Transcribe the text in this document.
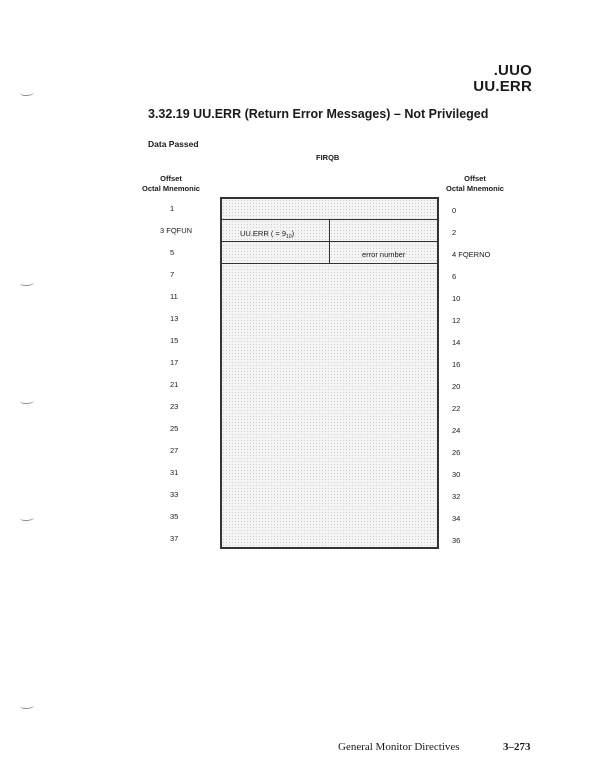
.UUO
UU.ERR
3.32.19 UU.ERR (Return Error Messages) – Not Privileged
Data Passed
FIRQB
Offset
Octal Mnemonic
Offset
Octal Mnemonic
1
3 FQFUN
5
7
11
13
15
17
21
23
25
27
31
33
35
37
0
2
4 FQERNO
6
10
12
14
16
20
22
24
26
30
32
34
36
UU.ERR ( = $9_{10}$)
error number
General Monitor Directives	3–273
